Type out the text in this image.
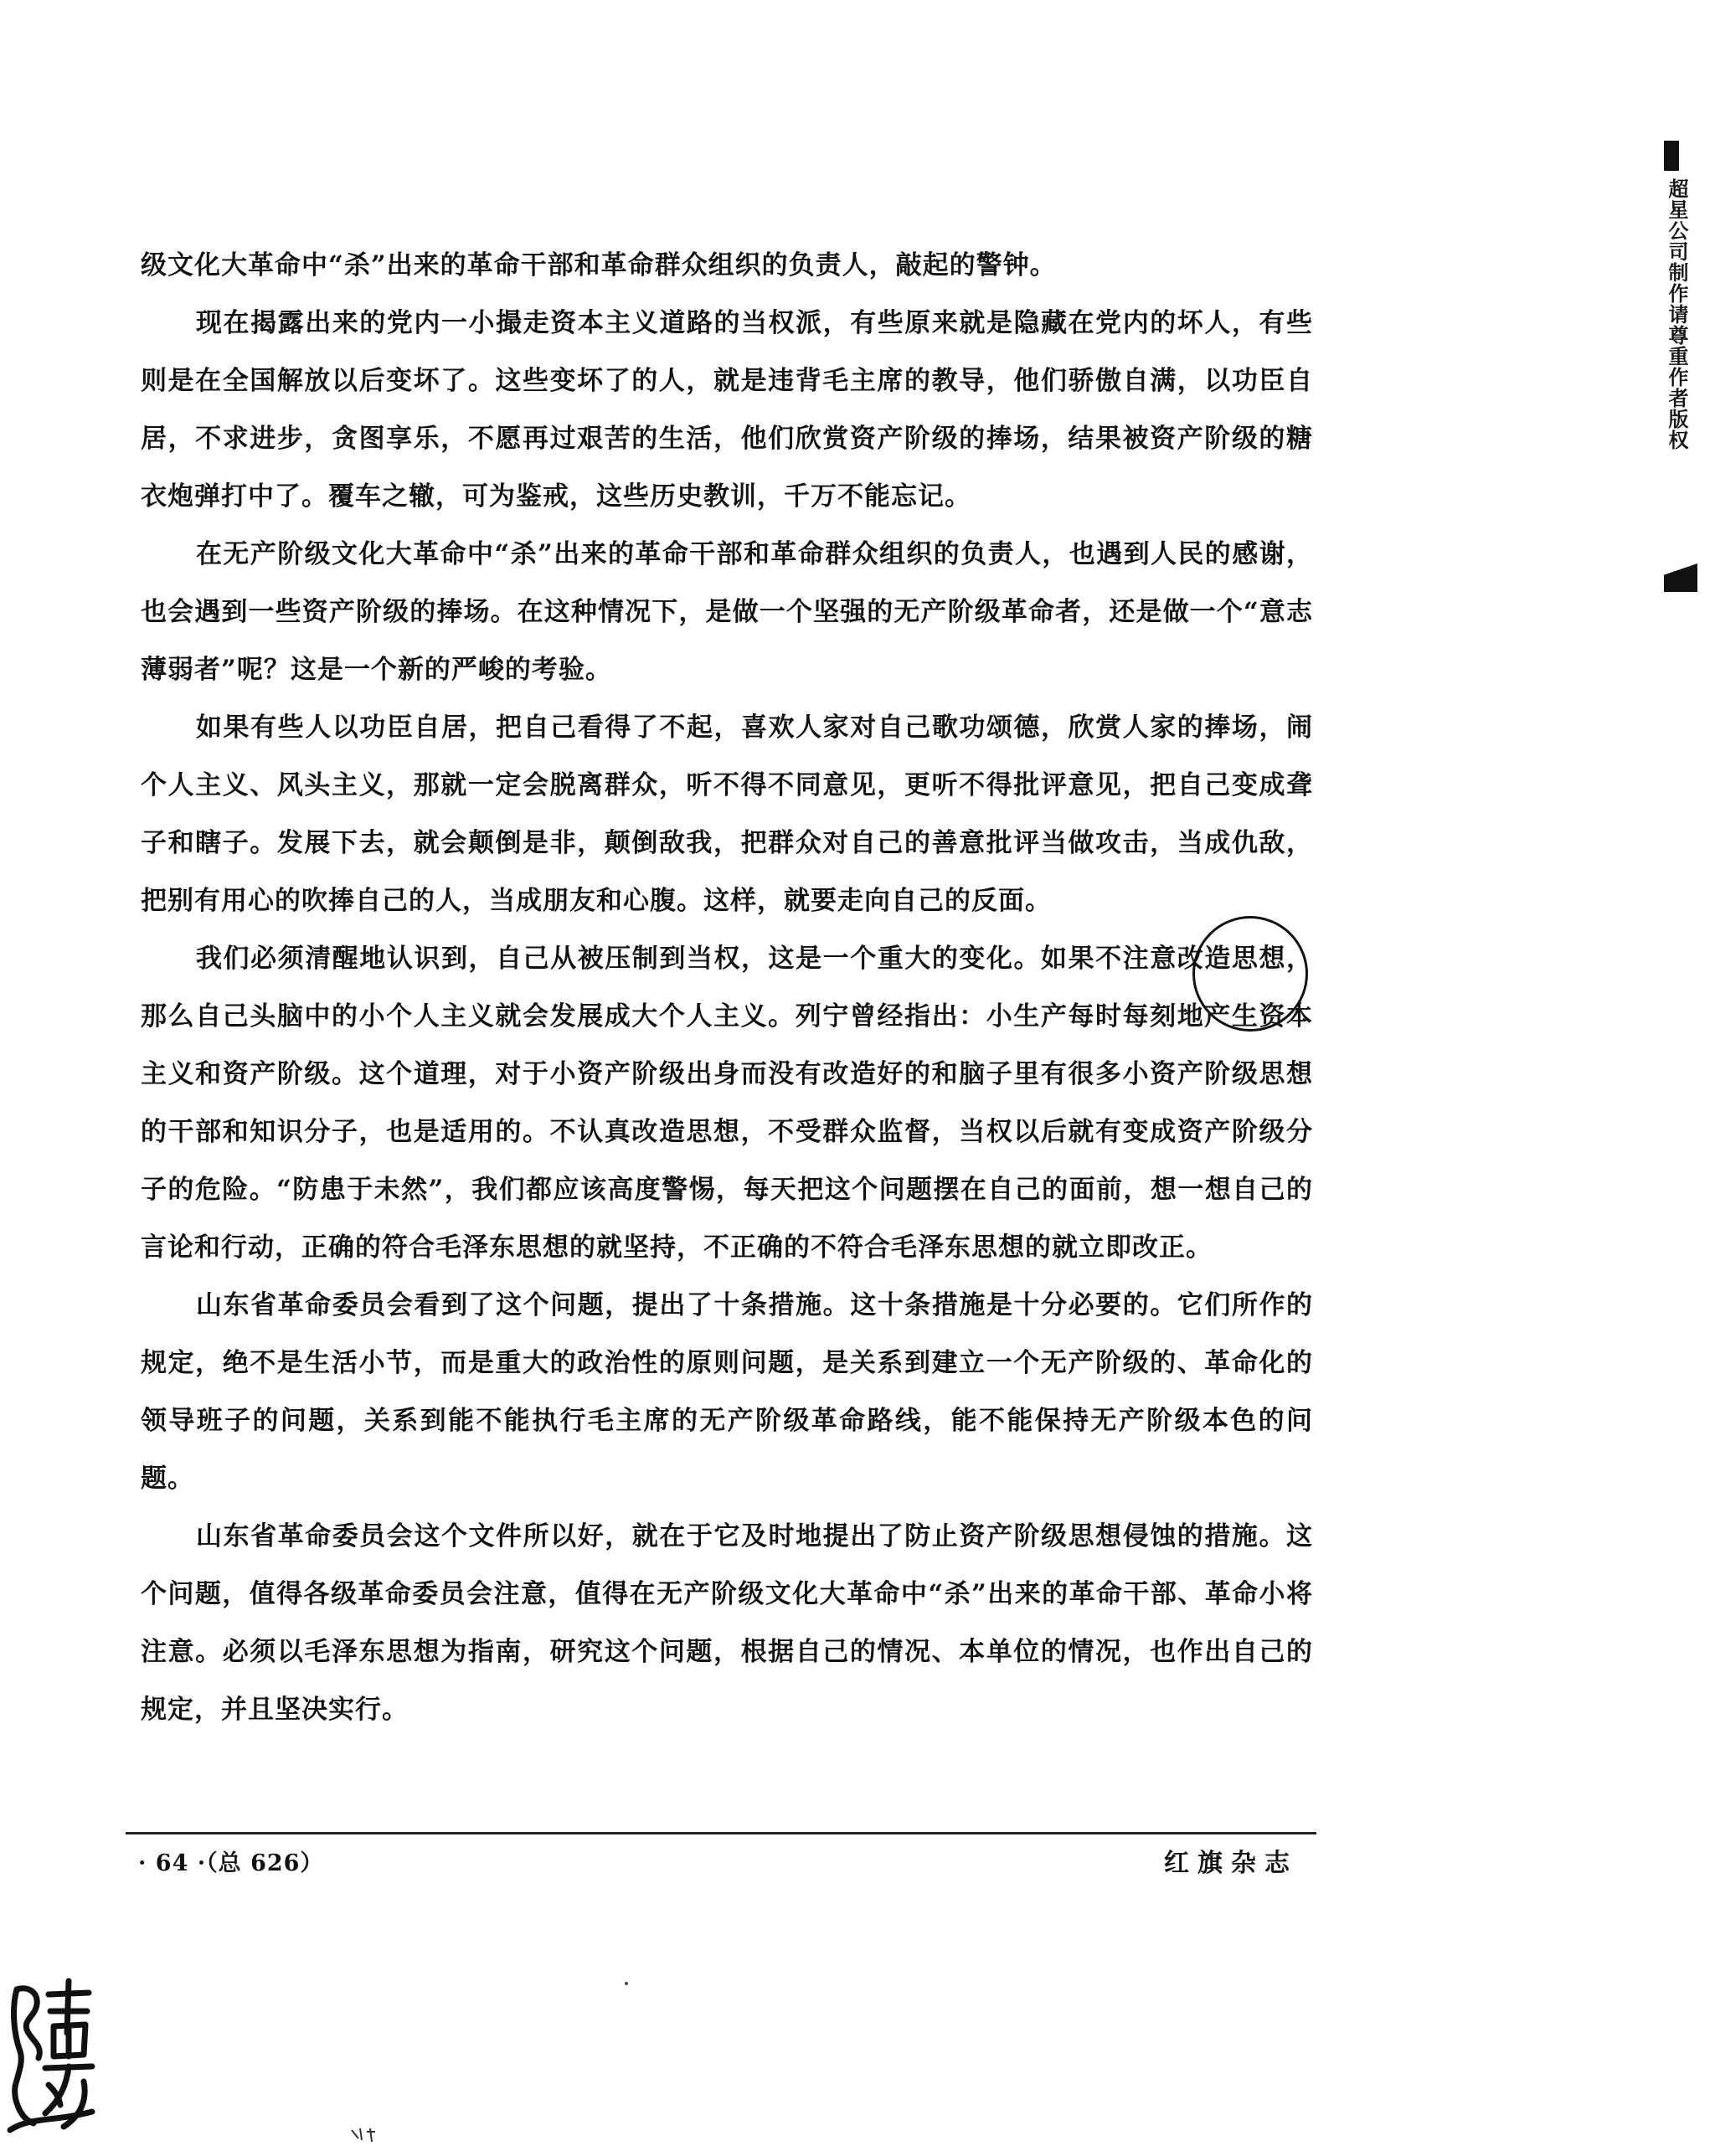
级文化大革命中“杀”出来的革命干部和革命群众组织的负责人，敲起的警钟。

现在揭露出来的党内一小撮走资本主义道路的当权派，有些原来就是隐藏在党内的坏人，有些则是在全国解放以后变坏了。这些变坏了的人，就是违背毛主席的教导，他们骄傲自满，以功臣自居，不求进步，贪图享乐，不愿再过艰苦的生活，他们欣赏资产阶级的捧场，结果被资产阶级的糖衣炮弹打中了。覆车之辙，可为鉴戒，这些历史教训，千万不能忘记。

在无产阶级文化大革命中“杀”出来的革命干部和革命群众组织的负责人，也遇到人民的感谢，也会遇到一些资产阶级的捧场。在这种情况下，是做一个坚强的无产阶级革命者，还是做一个“意志薄弱者”呢？这是一个新的严峻的考验。

如果有些人以功臣自居，把自己看得了不起，喜欢人家对自己歌功颂德，欣赏人家的捧场，闹个人主义、风头主义，那就一定会脱离群众，听不得不同意见，更听不得批评意见，把自己变成聋子和瞎子。发展下去，就会颠倒是非，颠倒敌我，把群众对自己的善意批评当做攻击，当成仇敌，把别有用心的吹捧自己的人，当成朋友和心腹。这样，就要走向自己的反面。

我们必须清醒地认识到，自己从被压制到当权，这是一个重大的变化。如果不注意改造思想，那么自己头脑中的小个人主义就会发展成大个人主义。列宁曾经指出：小生产每时每刻地产生资本主义和资产阶级。这个道理，对于小资产阶级出身而没有改造好的和脑子里有很多小资产阶级思想的干部和知识分子，也是适用的。不认真改造思想，不受群众监督，当权以后就有变成资产阶级分子的危险。“防患于未然”，我们都应该高度警惕，每天把这个问题摆在自己的面前，想一想自己的言论和行动，正确的符合毛泽东思想的就坚持，不正确的不符合毛泽东思想的就立即改正。

山东省革命委员会看到了这个问题，提出了十条措施。这十条措施是十分必要的。它们所作的规定，绝不是生活小节，而是重大的政治性的原则问题，是关系到建立一个无产阶级的、革命化的领导班子的问题，关系到能不能执行毛主席的无产阶级革命路线，能不能保持无产阶级本色的问题。

山东省革命委员会这个文件所以好，就在于它及时地提出了防止资产阶级思想侵蚀的措施。这个问题，值得各级革命委员会注意，值得在无产阶级文化大革命中“杀”出来的革命干部、革命小将注意。必须以毛泽东思想为指南，研究这个问题，根据自己的情况、本单位的情况，也作出自己的规定，并且坚决实行。

· 64 ·（总 626）	红旗杂志
超星公司制作请尊重作者版权
